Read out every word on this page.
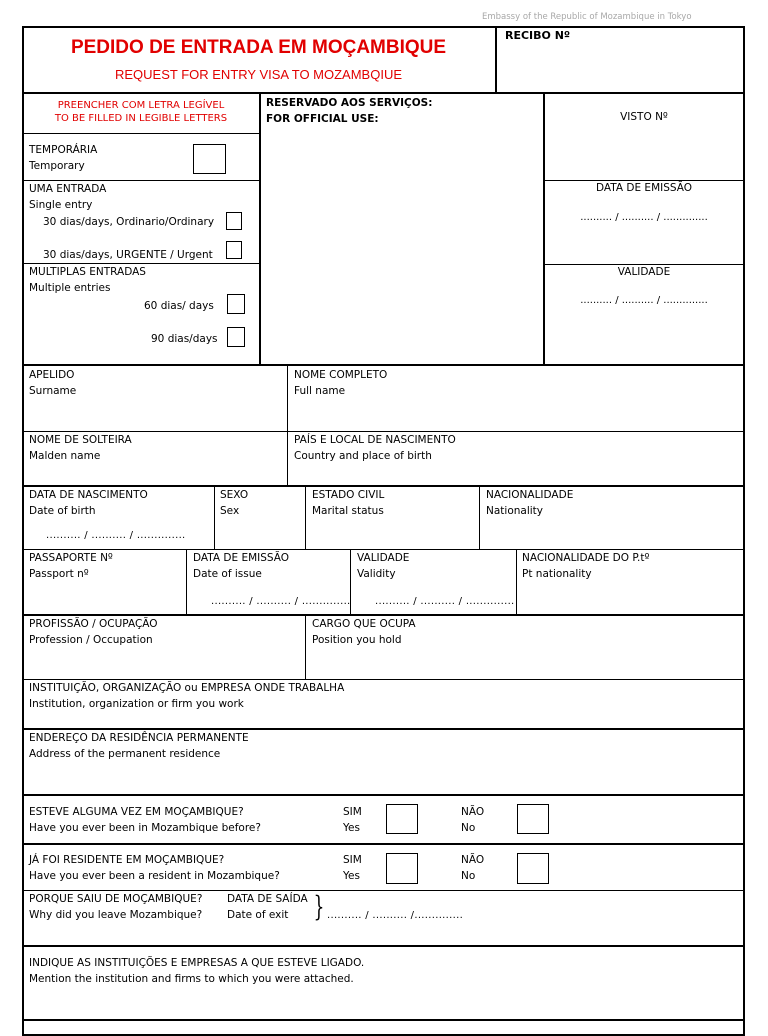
Embassy of the Republic of Mozambique in Tokyo
PEDIDO DE ENTRADA EM MOÇAMBIQUE
REQUEST FOR ENTRY VISA TO MOZAMBQIUE
RECIBO Nº
PREENCHER COM LETRA LEGÍVEL
TO BE FILLED IN LEGIBLE LETTERS
RESERVADO AOS SERVIÇOS:
FOR OFFICIAL USE:	VISTO Nº
DATA DE EMISSÃO
.......... / .......... / ..............
VALIDADE
.......... / .......... / ..............
TEMPORÁRIA
Temporary
UMA ENTRADA
Single entry
30 dias/days, Ordinario/Ordinary
30 dias/days, URGENTE / Urgent
MULTIPLAS ENTRADAS
Multiple entries
60 dias/ days
90 dias/days
APELIDO
Surname
NOME COMPLETO
Full name
NOME DE SOLTEIRA
Malden name
PAÍS E LOCAL DE NASCIMENTO
Country and place of birth
DATA DE NASCIMENTO
Date of birth
.......... / .......... / ..............
SEXO
Sex
ESTADO CIVIL
Marital status
NACIONALIDADE
Nationality
PASSAPORTE Nº
Passport nº
DATA DE EMISSÃO
Date of issue
.......... / .......... / ..............
VALIDADE
Validity
.......... / .......... / ..............
NACIONALIDADE DO P.tº
Pt nationality
PROFISSÃO / OCUPAÇÃO
Profession / Occupation
CARGO QUE OCUPA
Position you hold
INSTITUIÇÃO, ORGANIZAÇÃO ou EMPRESA ONDE TRABALHA
Institution, organization or firm you work
ENDEREÇO DA RESIDÊNCIA PERMANENTE
Address of the permanent residence
ESTEVE ALGUMA VEZ EM MOÇAMBIQUE?
Have you ever been in Mozambique before?
SIM
Yes
NÃO
No
JÁ FOI RESIDENTE EM MOÇAMBIQUE?
Have you ever been a resident in Mozambique?
SIM
Yes
NÃO
No
PORQUE SAIU DE MOÇAMBIQUE?
Why did you leave Mozambique?
DATA DE SAÍDA
Date of exit } .......... / .......... /..............
INDIQUE AS INSTITUIÇÕES E EMPRESAS A QUE ESTEVE LIGADO.
Mention the institution and firms to which you were attached.
